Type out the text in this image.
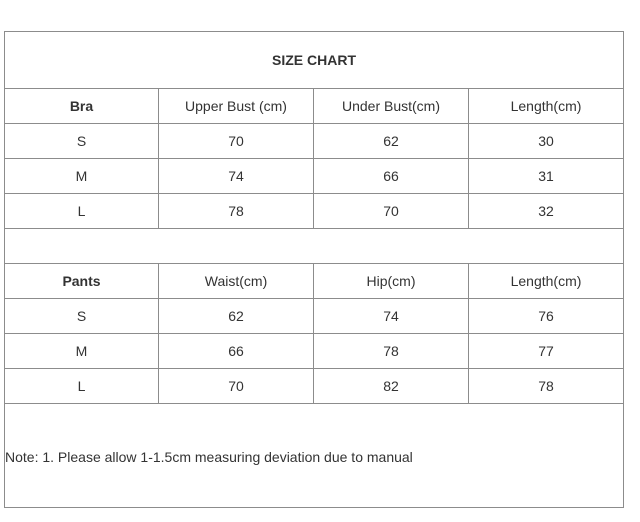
SIZE CHART
Bra	Upper Bust (cm)	Under Bust(cm)	Length(cm)
S	70	62	30
M	74	66	31
L	78	70	32
Pants	Waist(cm)	Hip(cm)	Length(cm)
S	62	74	76
M	66	78	77
L	70	82	78
Note: 1. Please allow 1-1.5cm measuring deviation due to manual
